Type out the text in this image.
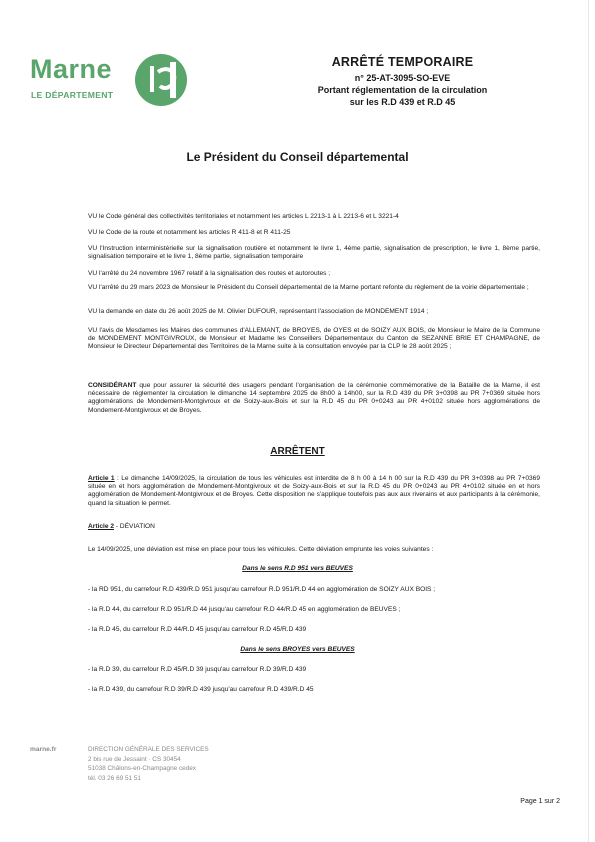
Marne
LE DÉPARTEMENT
ARRÊTÉ TEMPORAIRE
n° 25-AT-3095-SO-EVE
Portant réglementation de la circulation
sur les R.D 439 et R.D 45
Le Président du Conseil départemental
VU le Code général des collectivités territoriales et notamment les articles L 2213-1 à L 2213-6 et L 3221-4
VU le Code de la route et notamment les articles R 411-8 et R 411-25
VU l'Instruction interministérielle sur la signalisation routière et notamment le livre 1, 4ème partie, signalisation de prescription, le livre 1, 8ème partie, signalisation temporaire et le livre 1, 8ème partie, signalisation temporaire
VU l'arrêté du 24 novembre 1967 relatif à la signalisation des routes et autoroutes ;
VU l'arrêté du 29 mars 2023 de Monsieur le Président du Conseil départemental de la Marne portant refonte du règlement de la voirie départementale ;
VU la demande en date du 26 août 2025 de M. Olivier DUFOUR, représentant l'association de MONDEMENT 1914 ;
VU l'avis de Mesdames les Maires des communes d'ALLEMANT, de BROYES, de OYES et de SOIZY AUX BOIS, de Monsieur le Maire de la Commune de MONDEMENT MONTGIVROUX, de Monsieur et Madame les Conseillers Départementaux du Canton de SEZANNE BRIE ET CHAMPAGNE, de Monsieur le Directeur Départemental des Territoires de la Marne suite à la consultation envoyée par la CLP le 28 août 2025 ;
CONSIDÉRANT que pour assurer la sécurité des usagers pendant l'organisation de la cérémonie commémorative de la Bataille de la Marne, il est nécessaire de réglementer la circulation le dimanche 14 septembre 2025 de 8h00 à 14h00, sur la R.D 439 du PR 3+0398 au PR 7+0369 située hors agglomérations de Mondement-Montgivroux et de Soizy-aux-Bois et sur la R.D 45 du PR 0+0243 au PR 4+0102 située hors agglomérations de Mondement-Montgivroux et de Broyes.
ARRÊTENT
Article 1 : Le dimanche 14/09/2025, la circulation de tous les véhicules est interdite de 8 h 00 à 14 h 00 sur la R.D 439 du PR 3+0398 au PR 7+0369 située en et hors agglomération de Mondement-Montgivroux et de Soizy-aux-Bois et sur la R.D 45 du PR 0+0243 au PR 4+0102 située en et hors agglomération de Mondement-Montgivroux et de Broyes. Cette disposition ne s'applique toutefois pas aux aux riverains et aux participants à la cérémonie, quand la situation le permet.
Article 2 - DÉVIATION
Le 14/09/2025, une déviation est mise en place pour tous les véhicules. Cette déviation emprunte les voies suivantes :
Dans le sens R.D 951 vers BEUVES
- la RD 951, du carrefour R.D 439/R.D 951 jusqu'au carrefour R.D 951/R.D 44 en agglomération de SOIZY AUX BOIS ;
- la R.D 44, du carrefour R.D 951/R.D 44 jusqu'au carrefour R.D 44/R.D 45 en agglomération de BEUVES ;
- la R.D 45, du carrefour R.D 44/R.D 45 jusqu'au carrefour R.D 45/R.D 439
Dans le sens BROYES vers BEUVES
- la R.D 39, du carrefour R.D 45/R.D 39 jusqu'au carrefour R.D 39/R.D 439
- la R.D 439, du carrefour R.D 39/R.D 439 jusqu'au carrefour R.D 439/R.D 45
marne.fr	DIRECTION GÉNÉRALE DES SERVICES
2 bis rue de Jessaint · CS 30454
51038 Châlons-en-Champagne cedex
tél. 03 26 69 51 51
Page 1 sur 2
